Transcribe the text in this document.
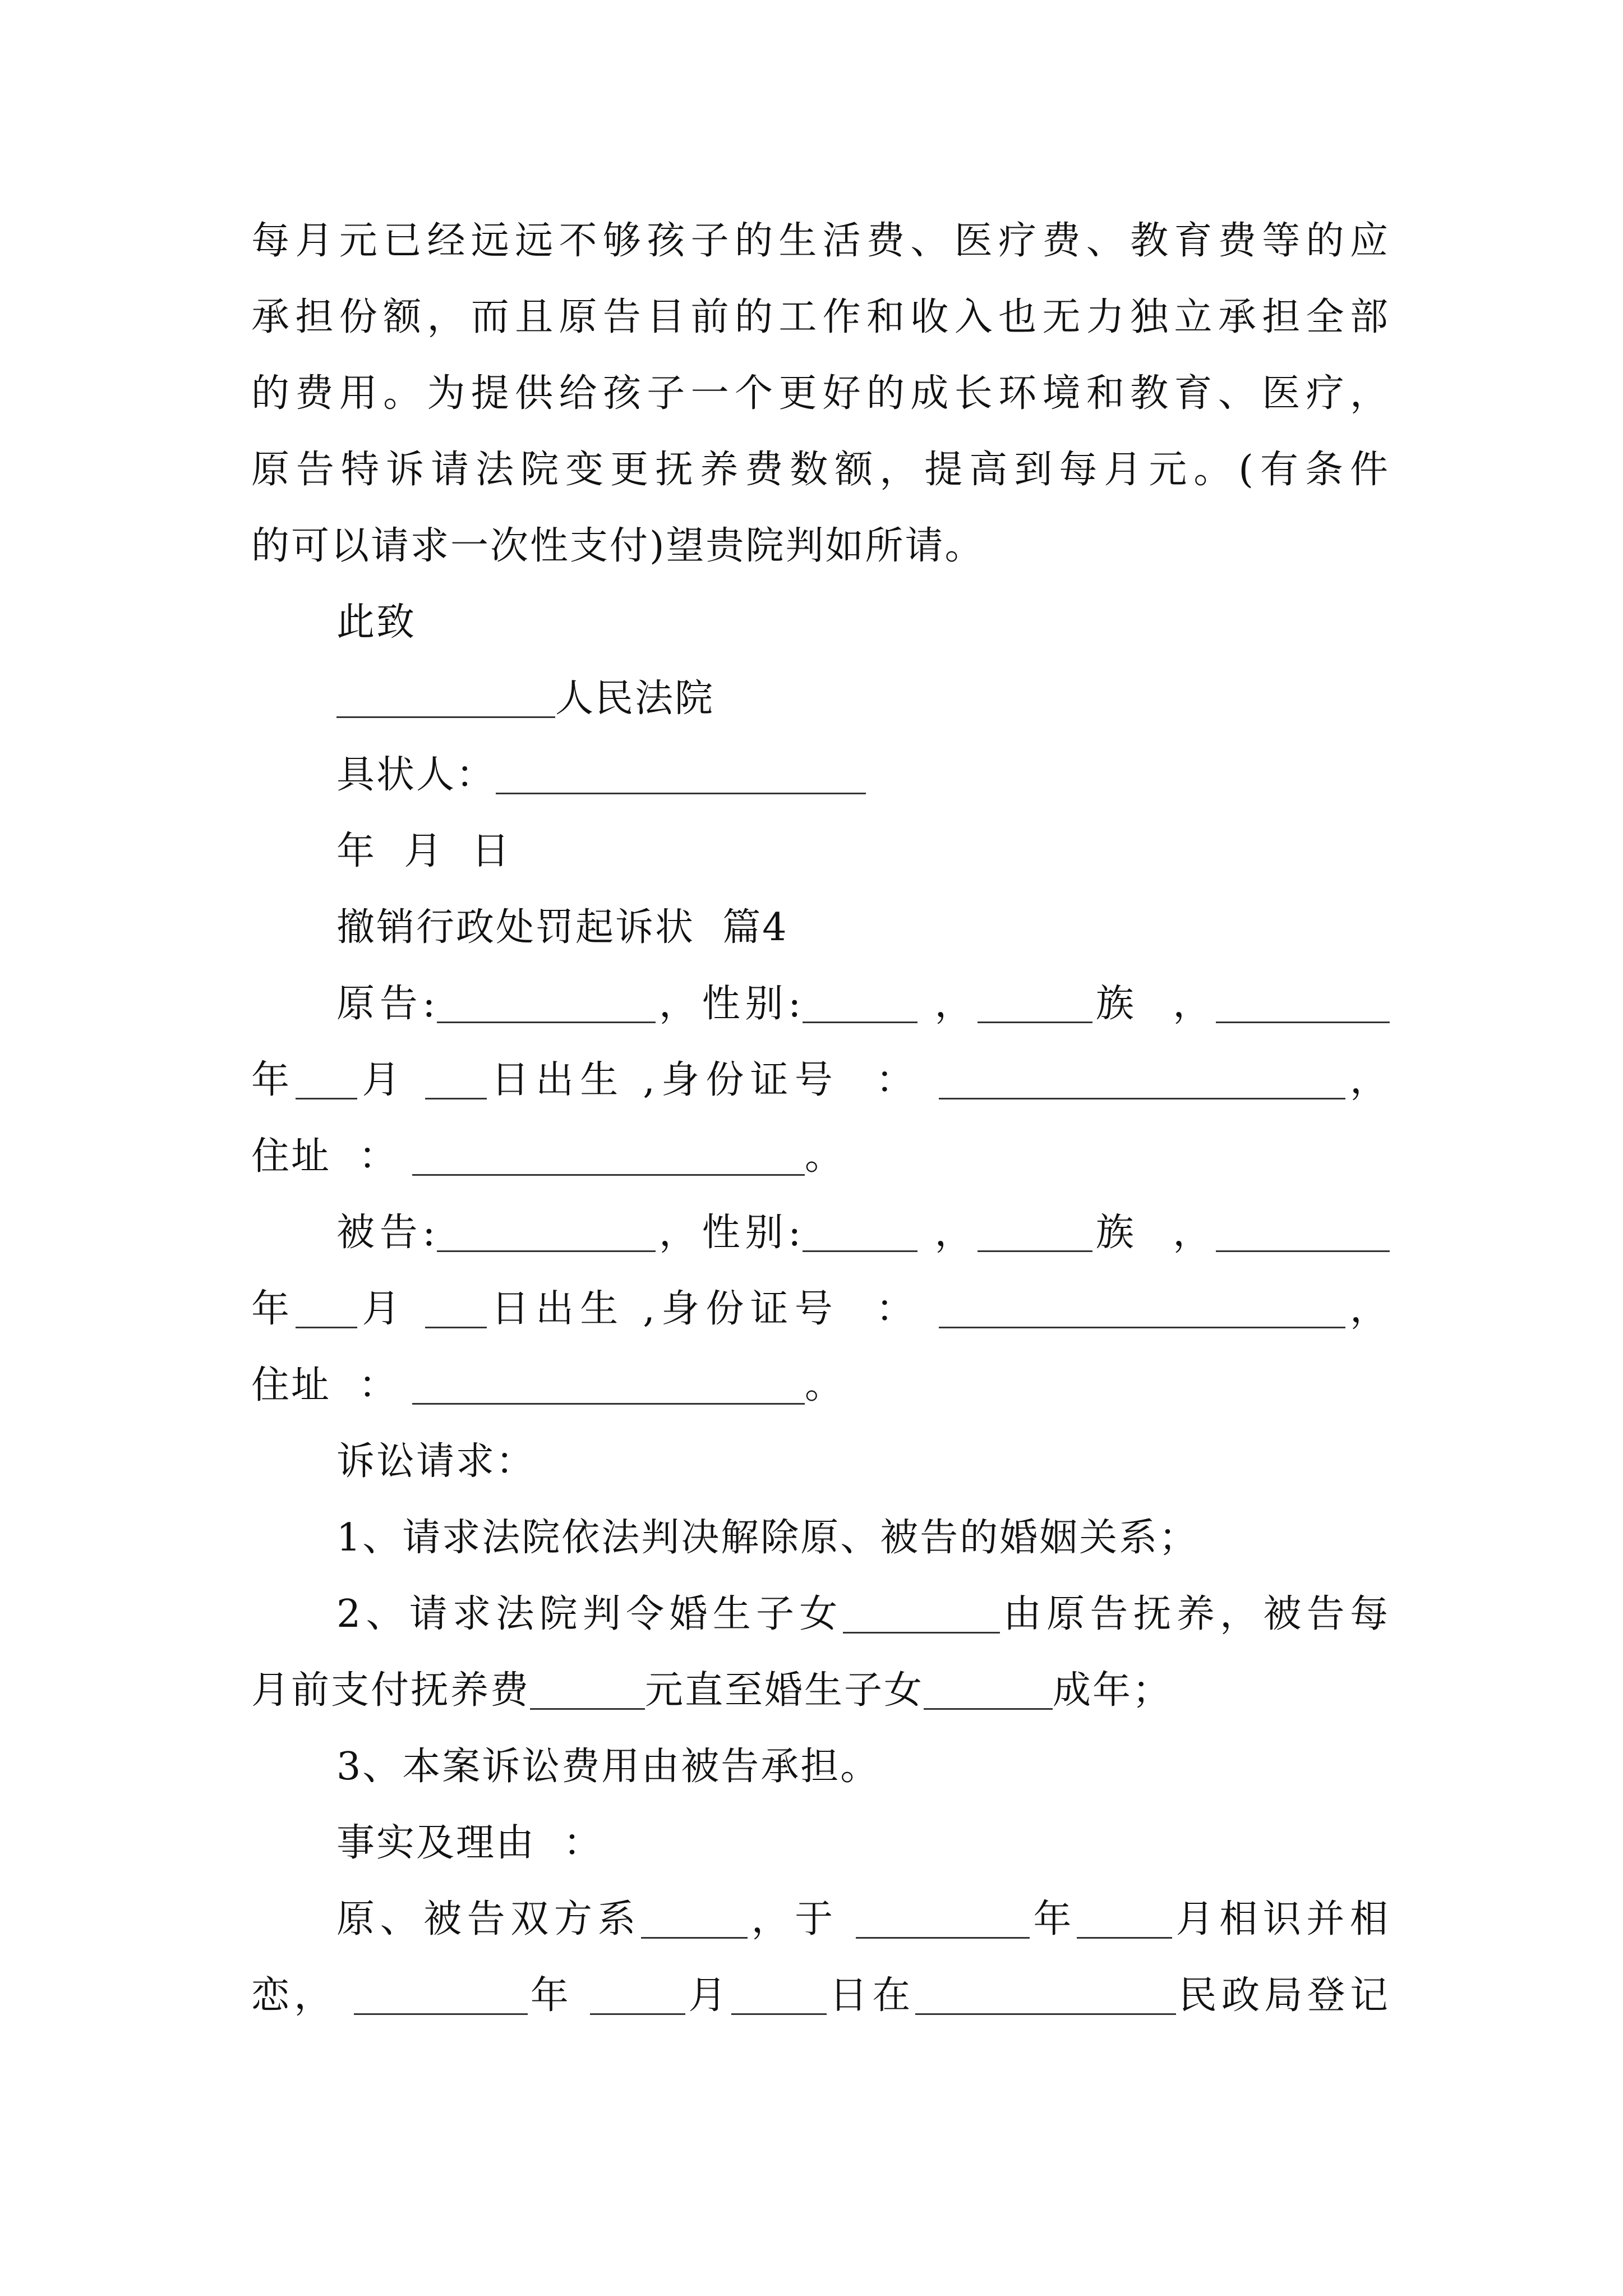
每月元已经远远不够孩子的生活费、医疗费、教育费等的应
承担份额，而且原告目前的工作和收入也无力独立承担全部
的费用。为提供给孩子一个更好的成长环境和教育、医疗，
原告特诉请法院变更抚养费数额，提高到每月元。(有条件
的可以请求一次性支付)望贵院判如所请。
此致
人民法院
具状人：
年  月  日
撤销行政处罚起诉状  篇4
原告:	，性别:	，	族  ，
年 月 日出生 ,身份证号  ：	，
住址  ：	。
被告:	，性别:	，	族  ，
年 月 日出生 ,身份证号  ：	，
住址  ：	。
诉讼请求：
1、请求法院依法判决解除原、被告的婚姻关系；
2、请求法院判令婚生子女	由原告抚养，被告每
月前支付抚养费	元直至婚生子女	成年；
3、本案诉讼费用由被告承担。
事实及理由  ：
原、被告双方系	，于	年	月相识并相
恋，	年	月	日在	民政局登记
